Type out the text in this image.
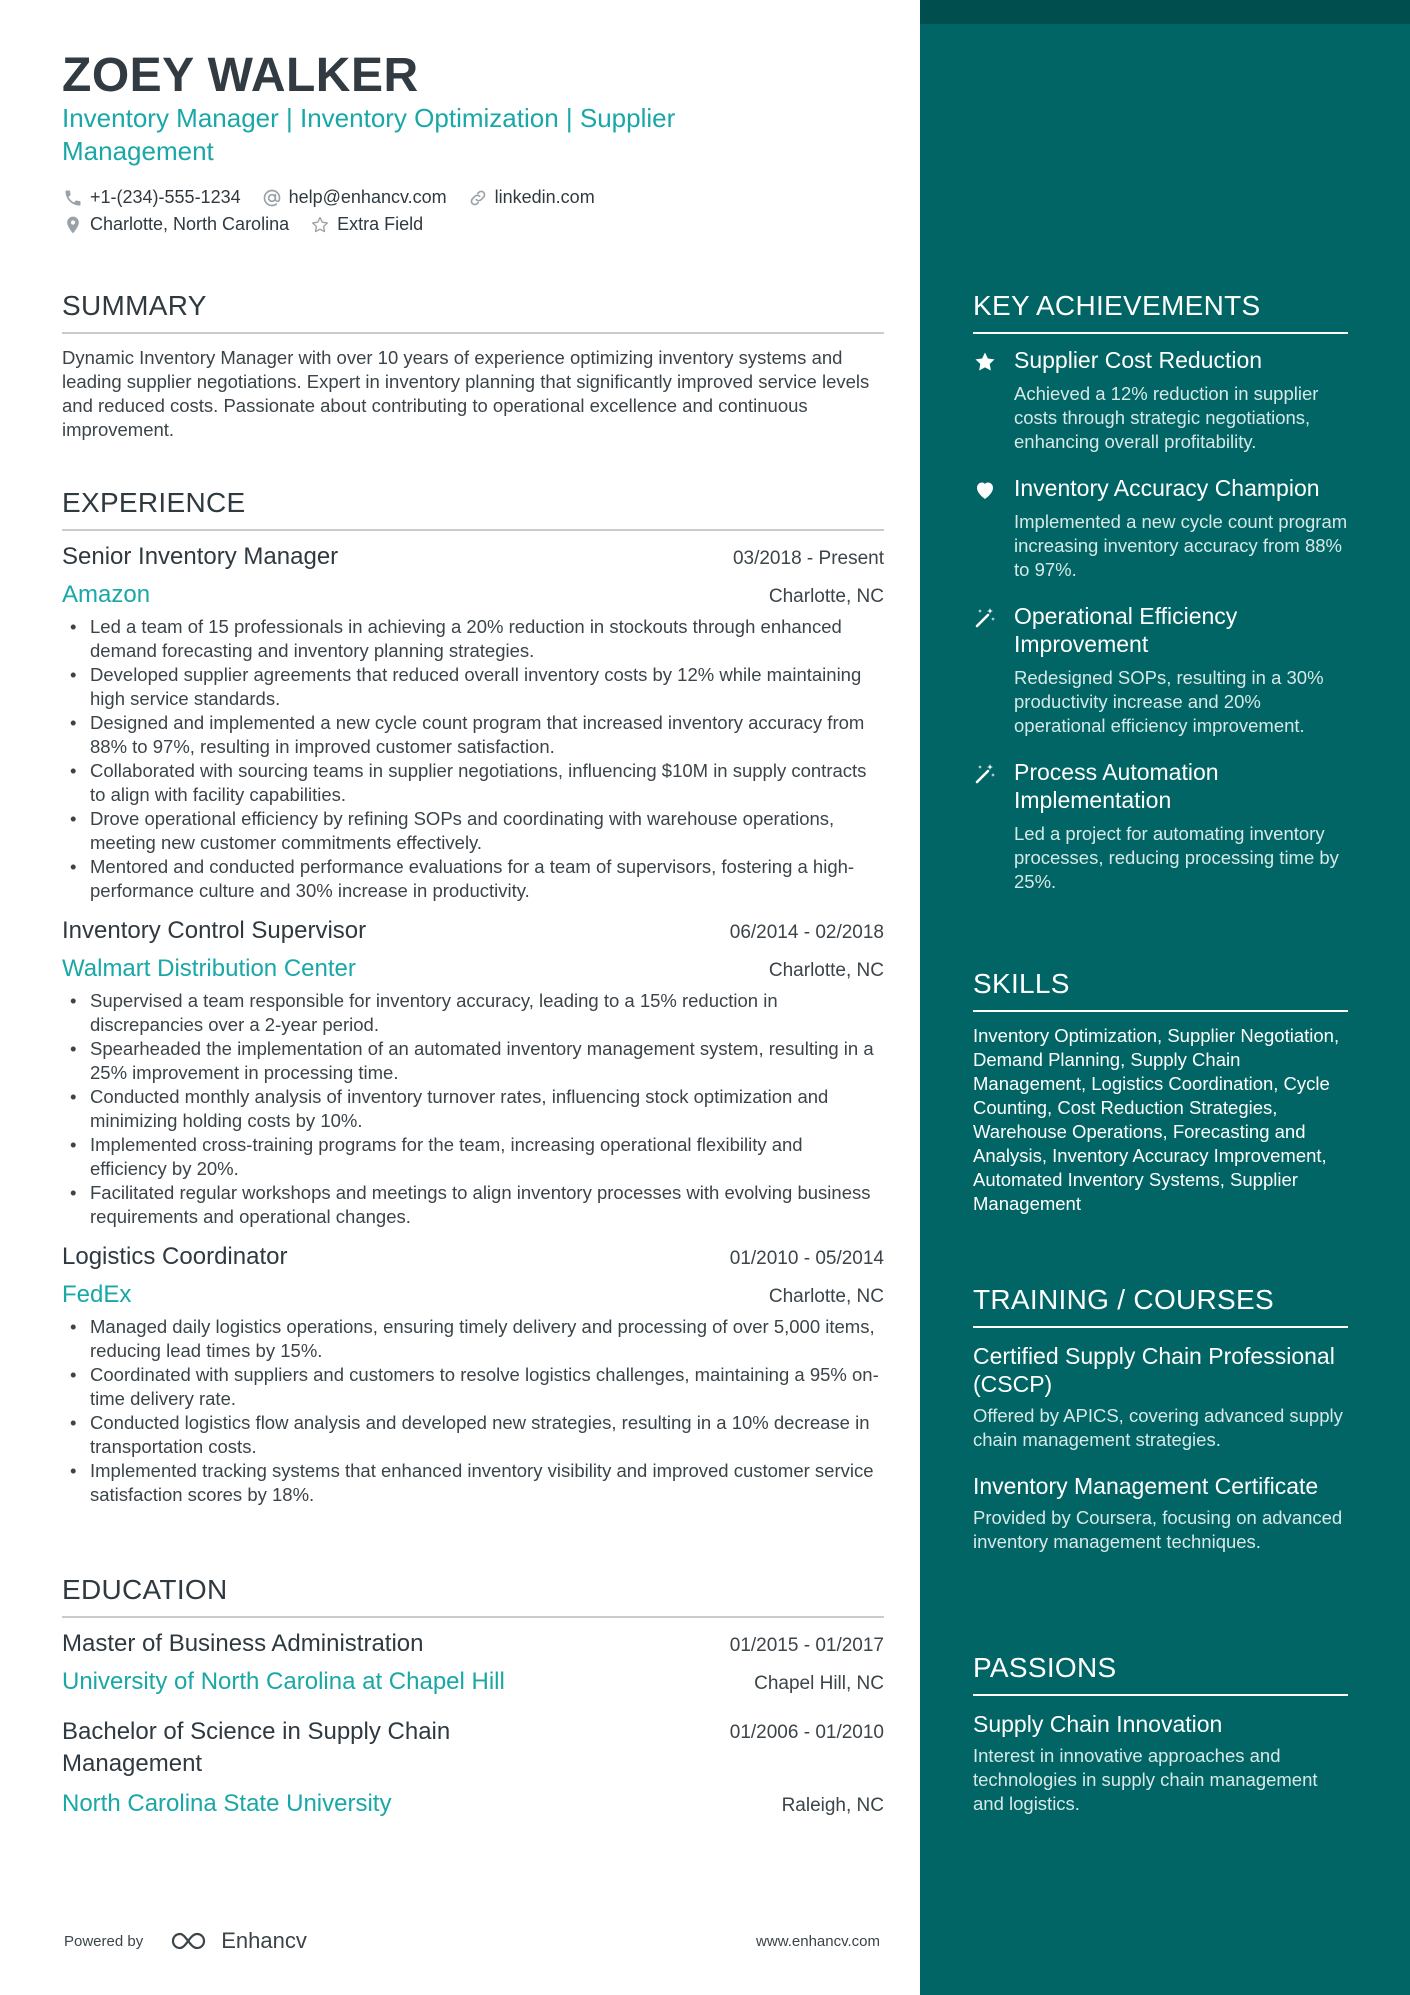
ZOEY WALKER
Inventory Manager | Inventory Optimization | Supplier Management
+1-(234)-555-1234	help@enhancv.com	linkedin.com
Charlotte, North Carolina	Extra Field
SUMMARY
Dynamic Inventory Manager with over 10 years of experience optimizing inventory systems and leading supplier negotiations. Expert in inventory planning that significantly improved service levels and reduced costs. Passionate about contributing to operational excellence and continuous improvement.
EXPERIENCE
Senior Inventory Manager	03/2018 - Present
Amazon	Charlotte, NC
• Led a team of 15 professionals in achieving a 20% reduction in stockouts through enhanced demand forecasting and inventory planning strategies.
• Developed supplier agreements that reduced overall inventory costs by 12% while maintaining high service standards.
• Designed and implemented a new cycle count program that increased inventory accuracy from 88% to 97%, resulting in improved customer satisfaction.
• Collaborated with sourcing teams in supplier negotiations, influencing $10M in supply contracts to align with facility capabilities.
• Drove operational efficiency by refining SOPs and coordinating with warehouse operations, meeting new customer commitments effectively.
• Mentored and conducted performance evaluations for a team of supervisors, fostering a high-performance culture and 30% increase in productivity.
Inventory Control Supervisor	06/2014 - 02/2018
Walmart Distribution Center	Charlotte, NC
• Supervised a team responsible for inventory accuracy, leading to a 15% reduction in discrepancies over a 2-year period.
• Spearheaded the implementation of an automated inventory management system, resulting in a 25% improvement in processing time.
• Conducted monthly analysis of inventory turnover rates, influencing stock optimization and minimizing holding costs by 10%.
• Implemented cross-training programs for the team, increasing operational flexibility and efficiency by 20%.
• Facilitated regular workshops and meetings to align inventory processes with evolving business requirements and operational changes.
Logistics Coordinator	01/2010 - 05/2014
FedEx	Charlotte, NC
• Managed daily logistics operations, ensuring timely delivery and processing of over 5,000 items, reducing lead times by 15%.
• Coordinated with suppliers and customers to resolve logistics challenges, maintaining a 95% on-time delivery rate.
• Conducted logistics flow analysis and developed new strategies, resulting in a 10% decrease in transportation costs.
• Implemented tracking systems that enhanced inventory visibility and improved customer service satisfaction scores by 18%.
EDUCATION
Master of Business Administration	01/2015 - 01/2017
University of North Carolina at Chapel Hill	Chapel Hill, NC
Bachelor of Science in Supply Chain Management
01/2006 - 01/2010
North Carolina State University	Raleigh, NC
Powered by	Enhancv	www.enhancv.com
KEY ACHIEVEMENTS
Supplier Cost Reduction
Achieved a 12% reduction in supplier costs through strategic negotiations, enhancing overall profitability.
Inventory Accuracy Champion
Implemented a new cycle count program increasing inventory accuracy from 88% to 97%.
Operational Efficiency Improvement
Redesigned SOPs, resulting in a 30% productivity increase and 20% operational efficiency improvement.
Process Automation Implementation
Led a project for automating inventory processes, reducing processing time by 25%.
SKILLS
Inventory Optimization, Supplier Negotiation, Demand Planning, Supply Chain Management, Logistics Coordination, Cycle Counting, Cost Reduction Strategies, Warehouse Operations, Forecasting and Analysis, Inventory Accuracy Improvement, Automated Inventory Systems, Supplier Management
TRAINING / COURSES
Certified Supply Chain Professional (CSCP)
Offered by APICS, covering advanced supply chain management strategies.
Inventory Management Certificate
Provided by Coursera, focusing on advanced inventory management techniques.
PASSIONS
Supply Chain Innovation
Interest in innovative approaches and technologies in supply chain management and logistics.
